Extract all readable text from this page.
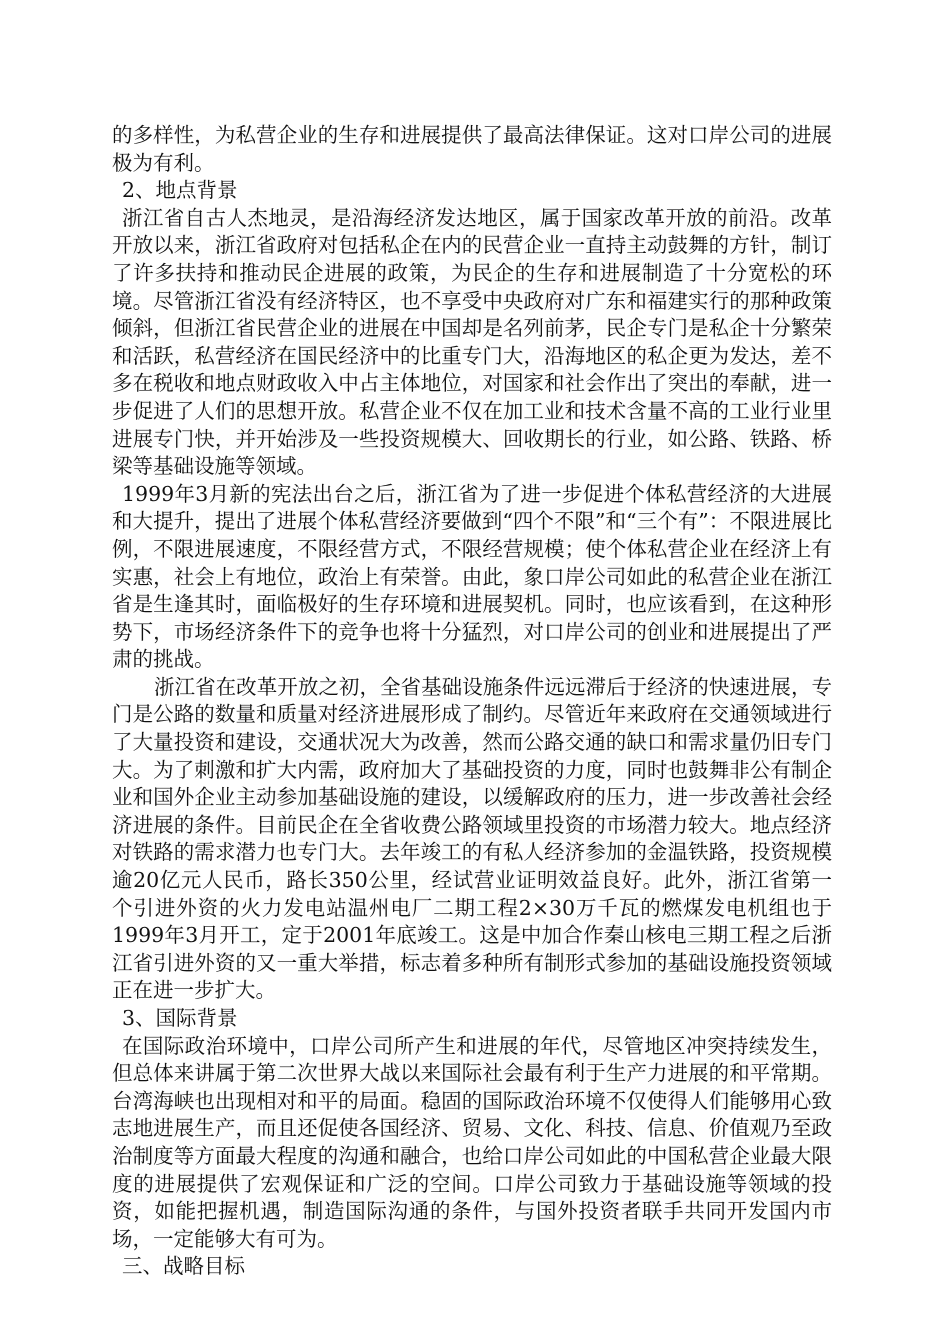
的多样性，为私营企业的生存和进展提供了最高法律保证。这对口岸公司的进展极为有利。

2、地点背景

浙江省自古人杰地灵，是沿海经济发达地区，属于国家改革开放的前沿。改革开放以来，浙江省政府对包括私企在内的民营企业一直持主动鼓舞的方针，制订了许多扶持和推动民企进展的政策，为民企的生存和进展制造了十分宽松的环境。尽管浙江省没有经济特区，也不享受中央政府对广东和福建实行的那种政策倾斜，但浙江省民营企业的进展在中国却是名列前茅，民企专门是私企十分繁荣和活跃，私营经济在国民经济中的比重专门大，沿海地区的私企更为发达，差不多在税收和地点财政收入中占主体地位，对国家和社会作出了突出的奉献，进一步促进了人们的思想开放。私营企业不仅在加工业和技术含量不高的工业行业里进展专门快，并开始涉及一些投资规模大、回收期长的行业，如公路、铁路、桥梁等基础设施等领域。

1999年3月新的宪法出台之后，浙江省为了进一步促进个体私营经济的大进展和大提升，提出了进展个体私营经济要做到“四个不限”和“三个有”：不限进展比例，不限进展速度，不限经营方式，不限经营规模；使个体私营企业在经济上有实惠，社会上有地位，政治上有荣誉。由此，象口岸公司如此的私营企业在浙江省是生逢其时，面临极好的生存环境和进展契机。同时，也应该看到，在这种形势下，市场经济条件下的竞争也将十分猛烈，对口岸公司的创业和进展提出了严肃的挑战。

浙江省在改革开放之初，全省基础设施条件远远滞后于经济的快速进展，专门是公路的数量和质量对经济进展形成了制约。尽管近年来政府在交通领域进行了大量投资和建设，交通状况大为改善，然而公路交通的缺口和需求量仍旧专门大。为了刺激和扩大内需，政府加大了基础投资的力度，同时也鼓舞非公有制企业和国外企业主动参加基础设施的建设，以缓解政府的压力，进一步改善社会经济进展的条件。目前民企在全省收费公路领域里投资的市场潜力较大。地点经济对铁路的需求潜力也专门大。去年竣工的有私人经济参加的金温铁路，投资规模逾20亿元人民币，路长350公里，经试营业证明效益良好。此外，浙江省第一个引进外资的火力发电站温州电厂二期工程2×30万千瓦的燃煤发电机组也于1999年3月开工，定于2001年底竣工。这是中加合作秦山核电三期工程之后浙江省引进外资的又一重大举措，标志着多种所有制形式参加的基础设施投资领域正在进一步扩大。

3、国际背景

在国际政治环境中，口岸公司所产生和进展的年代，尽管地区冲突持续发生，但总体来讲属于第二次世界大战以来国际社会最有利于生产力进展的和平常期。台湾海峡也出现相对和平的局面。稳固的国际政治环境不仅使得人们能够用心致志地进展生产，而且还促使各国经济、贸易、文化、科技、信息、价值观乃至政治制度等方面最大程度的沟通和融合，也给口岸公司如此的中国私营企业最大限度的进展提供了宏观保证和广泛的空间。口岸公司致力于基础设施等领域的投资，如能把握机遇，制造国际沟通的条件，与国外投资者联手共同开发国内市场，一定能够大有可为。

三、战略目标
